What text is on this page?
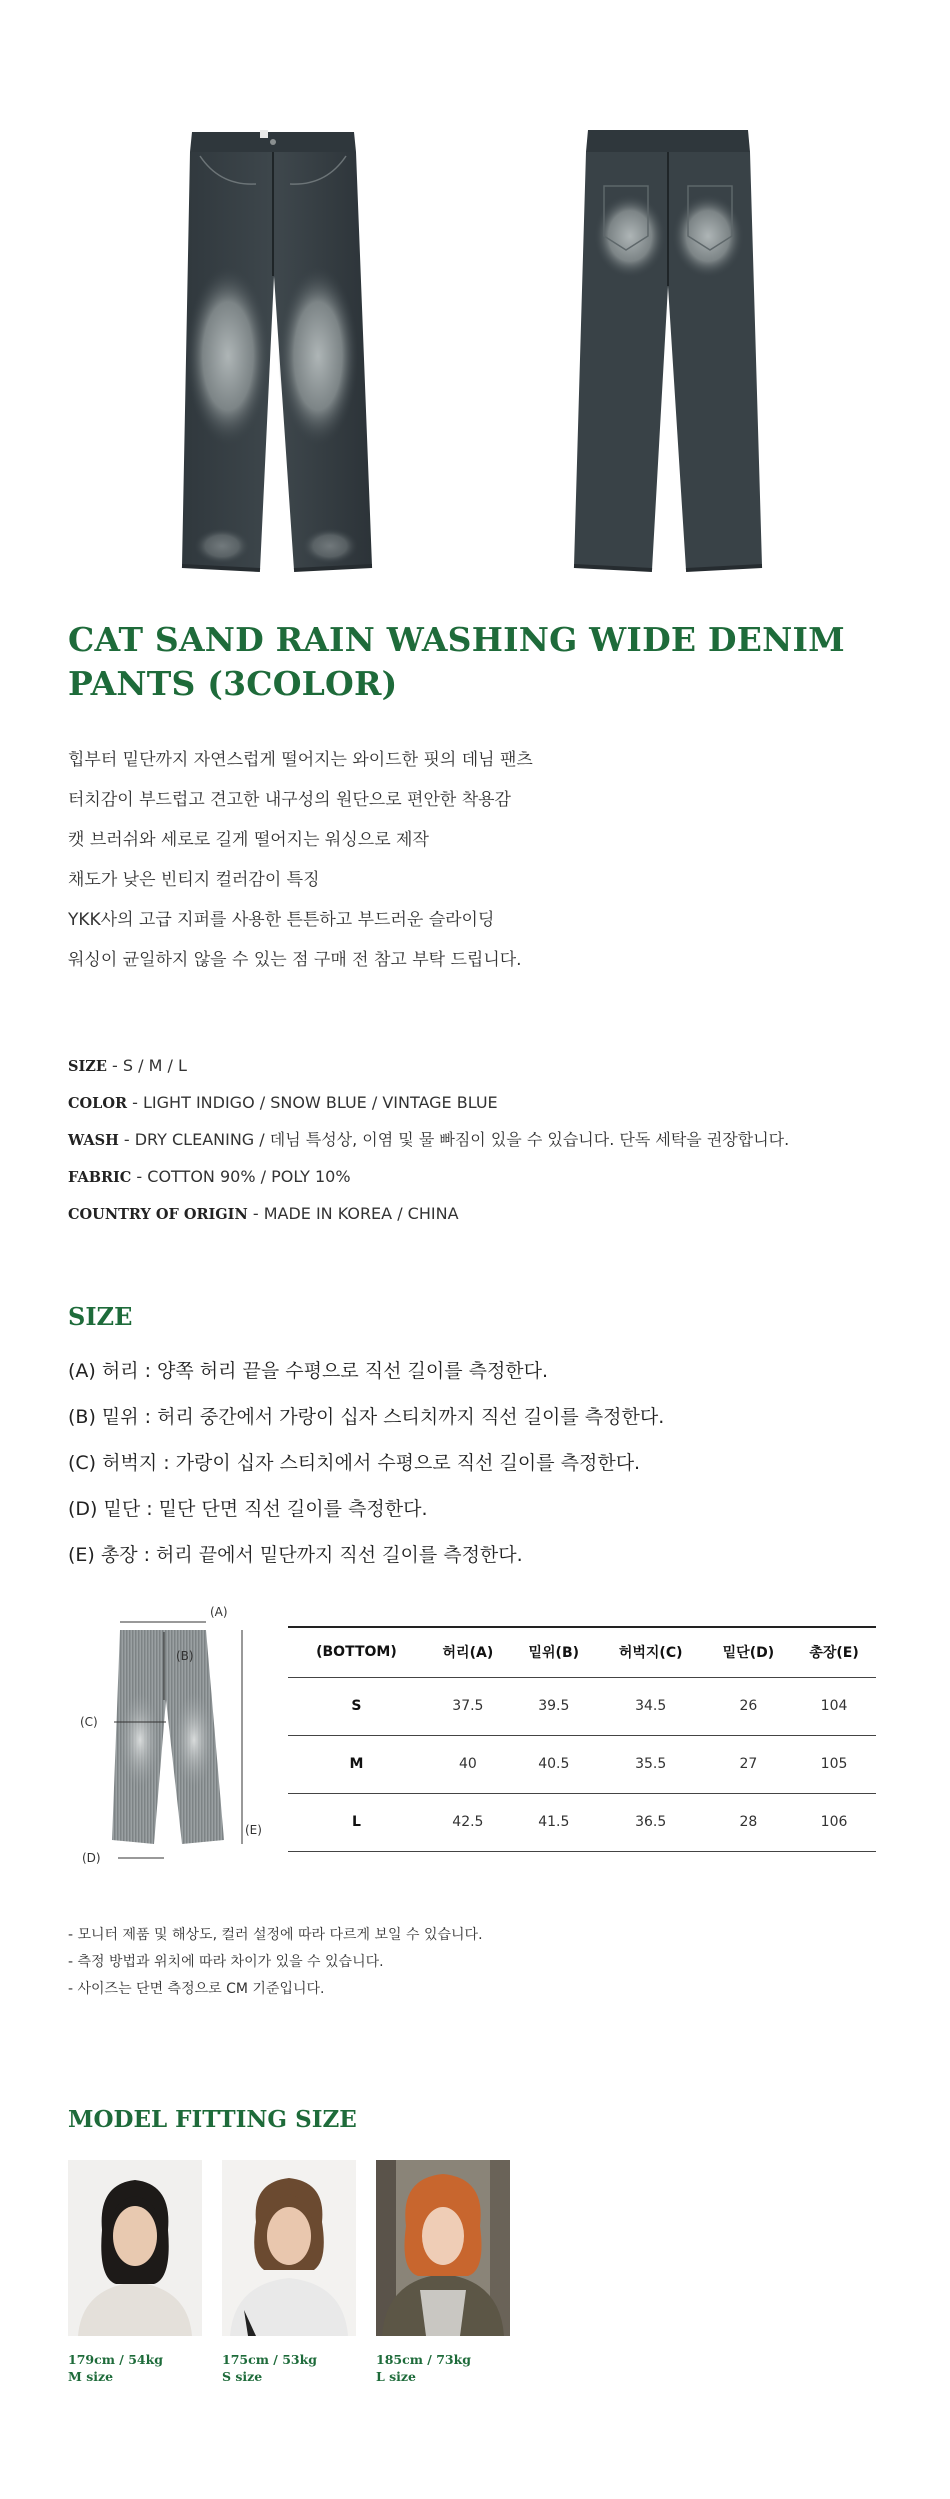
CAT SAND RAIN WASHING WIDE DENIM PANTS (3COLOR)

힙부터 밑단까지 자연스럽게 떨어지는 와이드한 핏의 데님 팬츠

터치감이 부드럽고 견고한 내구성의 원단으로 편안한 착용감

캣 브러쉬와 세로로 길게 떨어지는 워싱으로 제작

채도가 낮은 빈티지 컬러감이 특징

YKK사의 고급 지퍼를 사용한 튼튼하고 부드러운 슬라이딩

워싱이 균일하지 않을 수 있는 점 구매 전 참고 부탁 드립니다.

SIZE - S / M / L
COLOR - LIGHT INDIGO / SNOW BLUE / VINTAGE BLUE
WASH - DRY CLEANING / 데님 특성상, 이염 및 물 빠짐이 있을 수 있습니다. 단독 세탁을 권장합니다.
FABRIC - COTTON 90% / POLY 10%
COUNTRY OF ORIGIN - MADE IN KOREA / CHINA
SIZE

(A) 허리 : 양쪽 허리 끝을 수평으로 직선 길이를 측정한다.

(B) 밑위 : 허리 중간에서 가랑이 십자 스티치까지 직선 길이를 측정한다.

(C) 허벅지 : 가랑이 십자 스티치에서 수평으로 직선 길이를 측정한다.

(D) 밑단 : 밑단 단면 직선 길이를 측정한다.

(E) 총장 : 허리 끝에서 밑단까지 직선 길이를 측정한다.

(A)
(B)
(C)
(D)
(E)
(BOTTOM)	허리(A)	밑위(B)	허벅지(C)	밑단(D)	총장(E)
S	37.5	39.5	34.5	26	104
M	40	40.5	35.5	27	105
L	42.5	41.5	36.5	28	106

- 모니터 제품 및 해상도, 컬러 설정에 따라 다르게 보일 수 있습니다.

- 측정 방법과 위치에 따라 차이가 있을 수 있습니다.

- 사이즈는 단면 측정으로 CM 기준입니다.

MODEL FITTING SIZE
179cm / 54kg
M size
175cm / 53kg
S size
185cm / 73kg
L size
